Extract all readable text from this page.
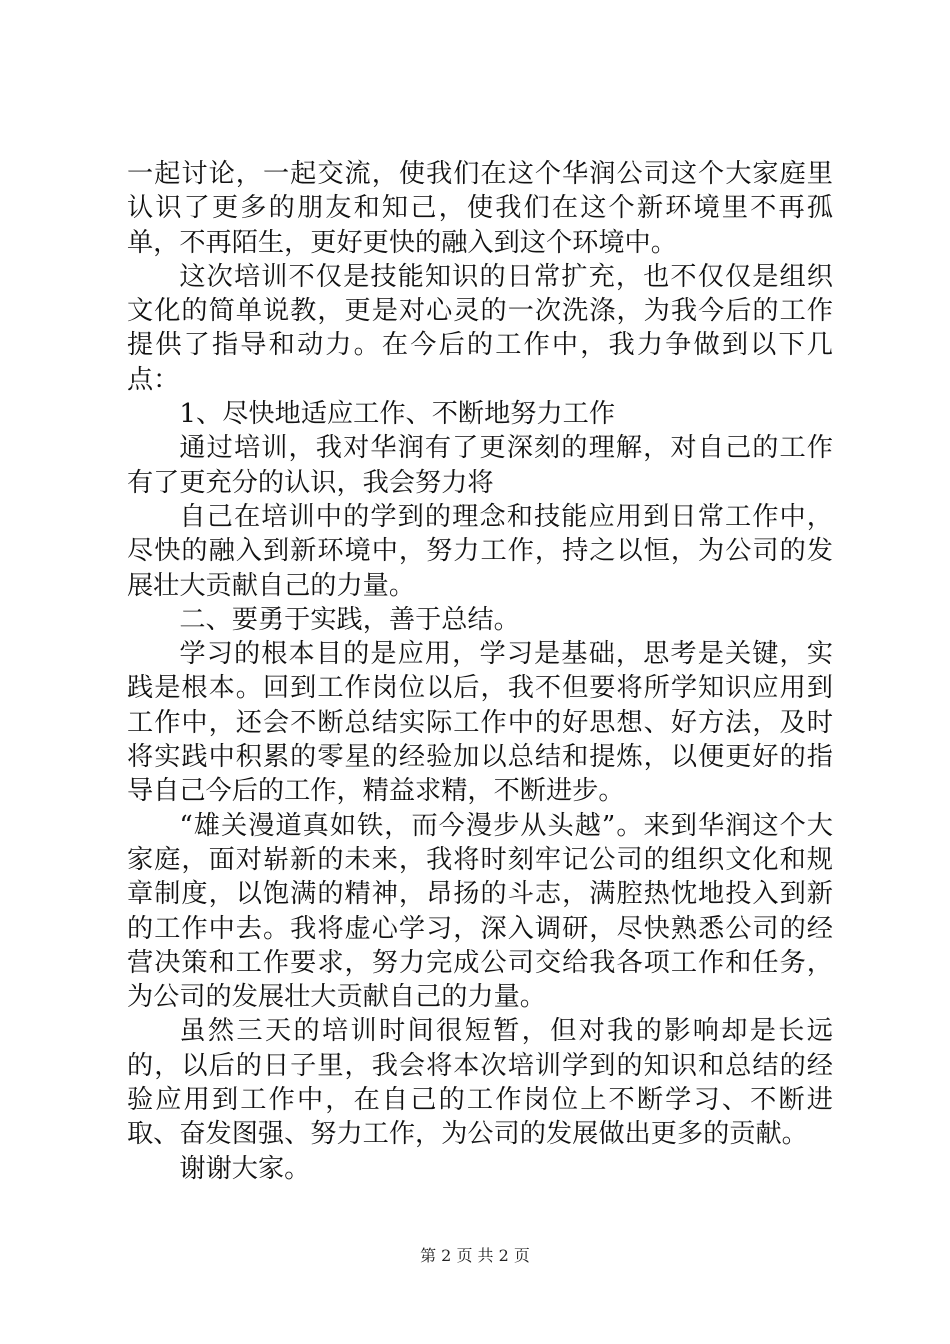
一起讨论，一起交流，使我们在这个华润公司这个大家庭里认识了更多的朋友和知己，使我们在这个新环境里不再孤单，不再陌生，更好更快的融入到这个环境中。

这次培训不仅是技能知识的日常扩充，也不仅仅是组织文化的简单说教，更是对心灵的一次洗涤，为我今后的工作提供了指导和动力。在今后的工作中，我力争做到以下几点：

1、尽快地适应工作、不断地努力工作

通过培训，我对华润有了更深刻的理解，对自己的工作有了更充分的认识，我会努力将

自己在培训中的学到的理念和技能应用到日常工作中，尽快的融入到新环境中，努力工作，持之以恒，为公司的发展壮大贡献自己的力量。

二、要勇于实践，善于总结。

学习的根本目的是应用，学习是基础，思考是关键，实践是根本。回到工作岗位以后，我不但要将所学知识应用到工作中，还会不断总结实际工作中的好思想、好方法，及时将实践中积累的零星的经验加以总结和提炼，以便更好的指导自己今后的工作，精益求精，不断进步。

“雄关漫道真如铁，而今漫步从头越”。来到华润这个大家庭，面对崭新的未来，我将时刻牢记公司的组织文化和规章制度，以饱满的精神，昂扬的斗志，满腔热忱地投入到新的工作中去。我将虚心学习，深入调研，尽快熟悉公司的经营决策和工作要求，努力完成公司交给我各项工作和任务，为公司的发展壮大贡献自己的力量。

虽然三天的培训时间很短暂，但对我的影响却是长远的，以后的日子里，我会将本次培训学到的知识和总结的经验应用到工作中，在自己的工作岗位上不断学习、不断进取、奋发图强、努力工作，为公司的发展做出更多的贡献。

谢谢大家。

第 2 页 共 2 页
